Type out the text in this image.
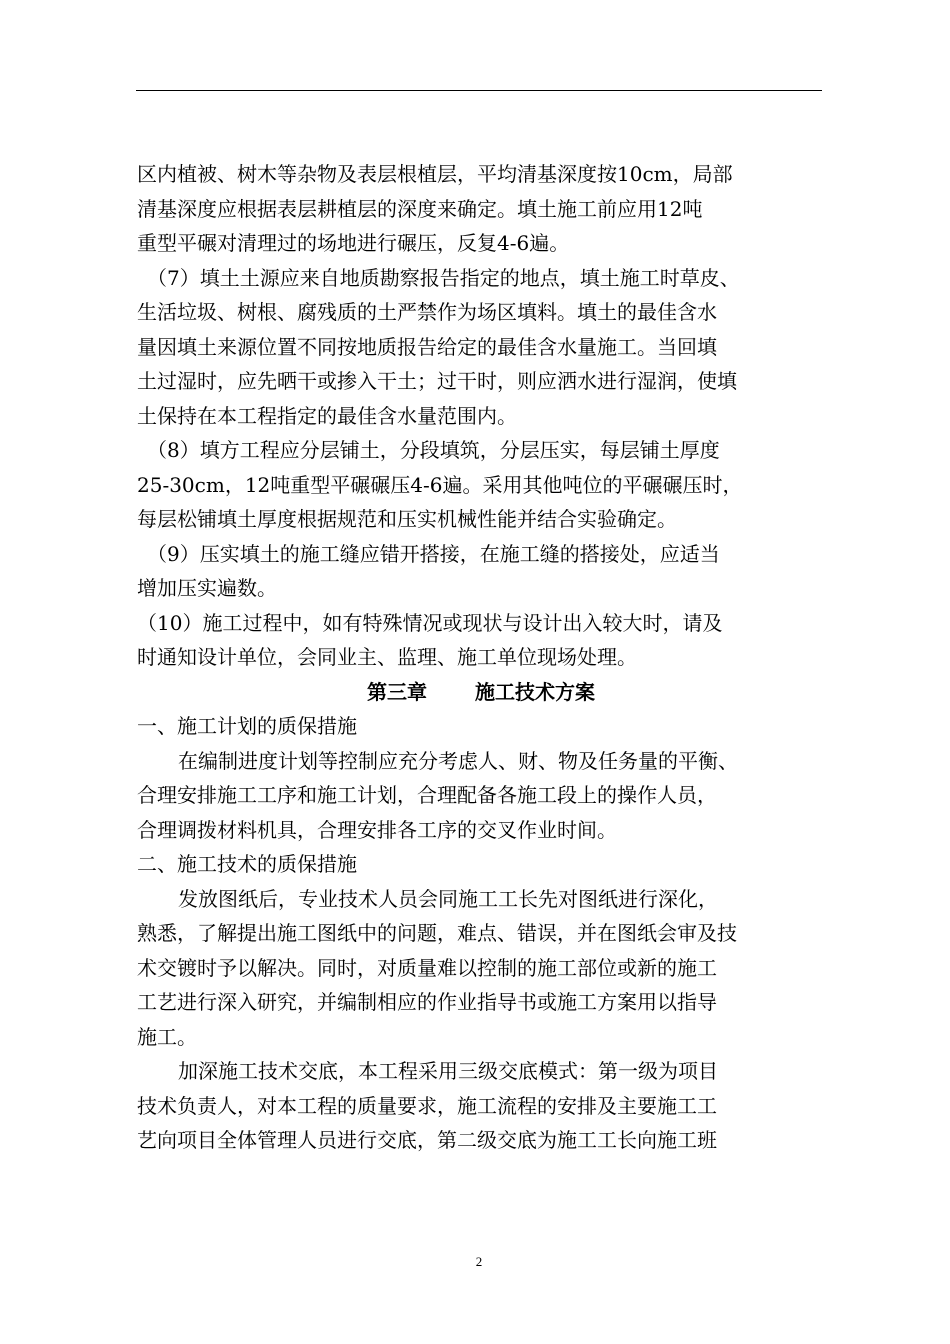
区内植被、树木等杂物及表层根植层，平均清基深度按10cm，局部
清基深度应根据表层耕植层的深度来确定。填土施工前应用12吨
重型平碾对清理过的场地进行碾压，反复4-6遍。
（7）填土土源应来自地质勘察报告指定的地点，填土施工时草皮、
生活垃圾、树根、腐残质的土严禁作为场区填料。填土的最佳含水
量因填土来源位置不同按地质报告给定的最佳含水量施工。当回填
土过湿时，应先晒干或掺入干土；过干时，则应洒水进行湿润，使填
土保持在本工程指定的最佳含水量范围内。
（8）填方工程应分层铺土，分段填筑，分层压实，每层铺土厚度
25-30cm，12吨重型平碾碾压4-6遍。采用其他吨位的平碾碾压时，
每层松铺填土厚度根据规范和压实机械性能并结合实验确定。
（9）压实填土的施工缝应错开搭接，在施工缝的搭接处，应适当
增加压实遍数。
（10）施工过程中，如有特殊情况或现状与设计出入较大时，请及
时通知设计单位，会同业主、监理、施工单位现场处理。
第三章 施工技术方案
一、施工计划的质保措施
在编制进度计划等控制应充分考虑人、财、物及任务量的平衡、
合理安排施工工序和施工计划，合理配备各施工段上的操作人员，
合理调拨材料机具，合理安排各工序的交叉作业时间。
二、施工技术的质保措施
发放图纸后，专业技术人员会同施工工长先对图纸进行深化，
熟悉，了解提出施工图纸中的问题，难点、错误，并在图纸会审及技
术交镀时予以解决。同时，对质量难以控制的施工部位或新的施工
工艺进行深入研究，并编制相应的作业指导书或施工方案用以指导
施工。
加深施工技术交底，本工程采用三级交底模式：第一级为项目
技术负责人，对本工程的质量要求，施工流程的安排及主要施工工
艺向项目全体管理人员进行交底，第二级交底为施工工长向施工班
2
